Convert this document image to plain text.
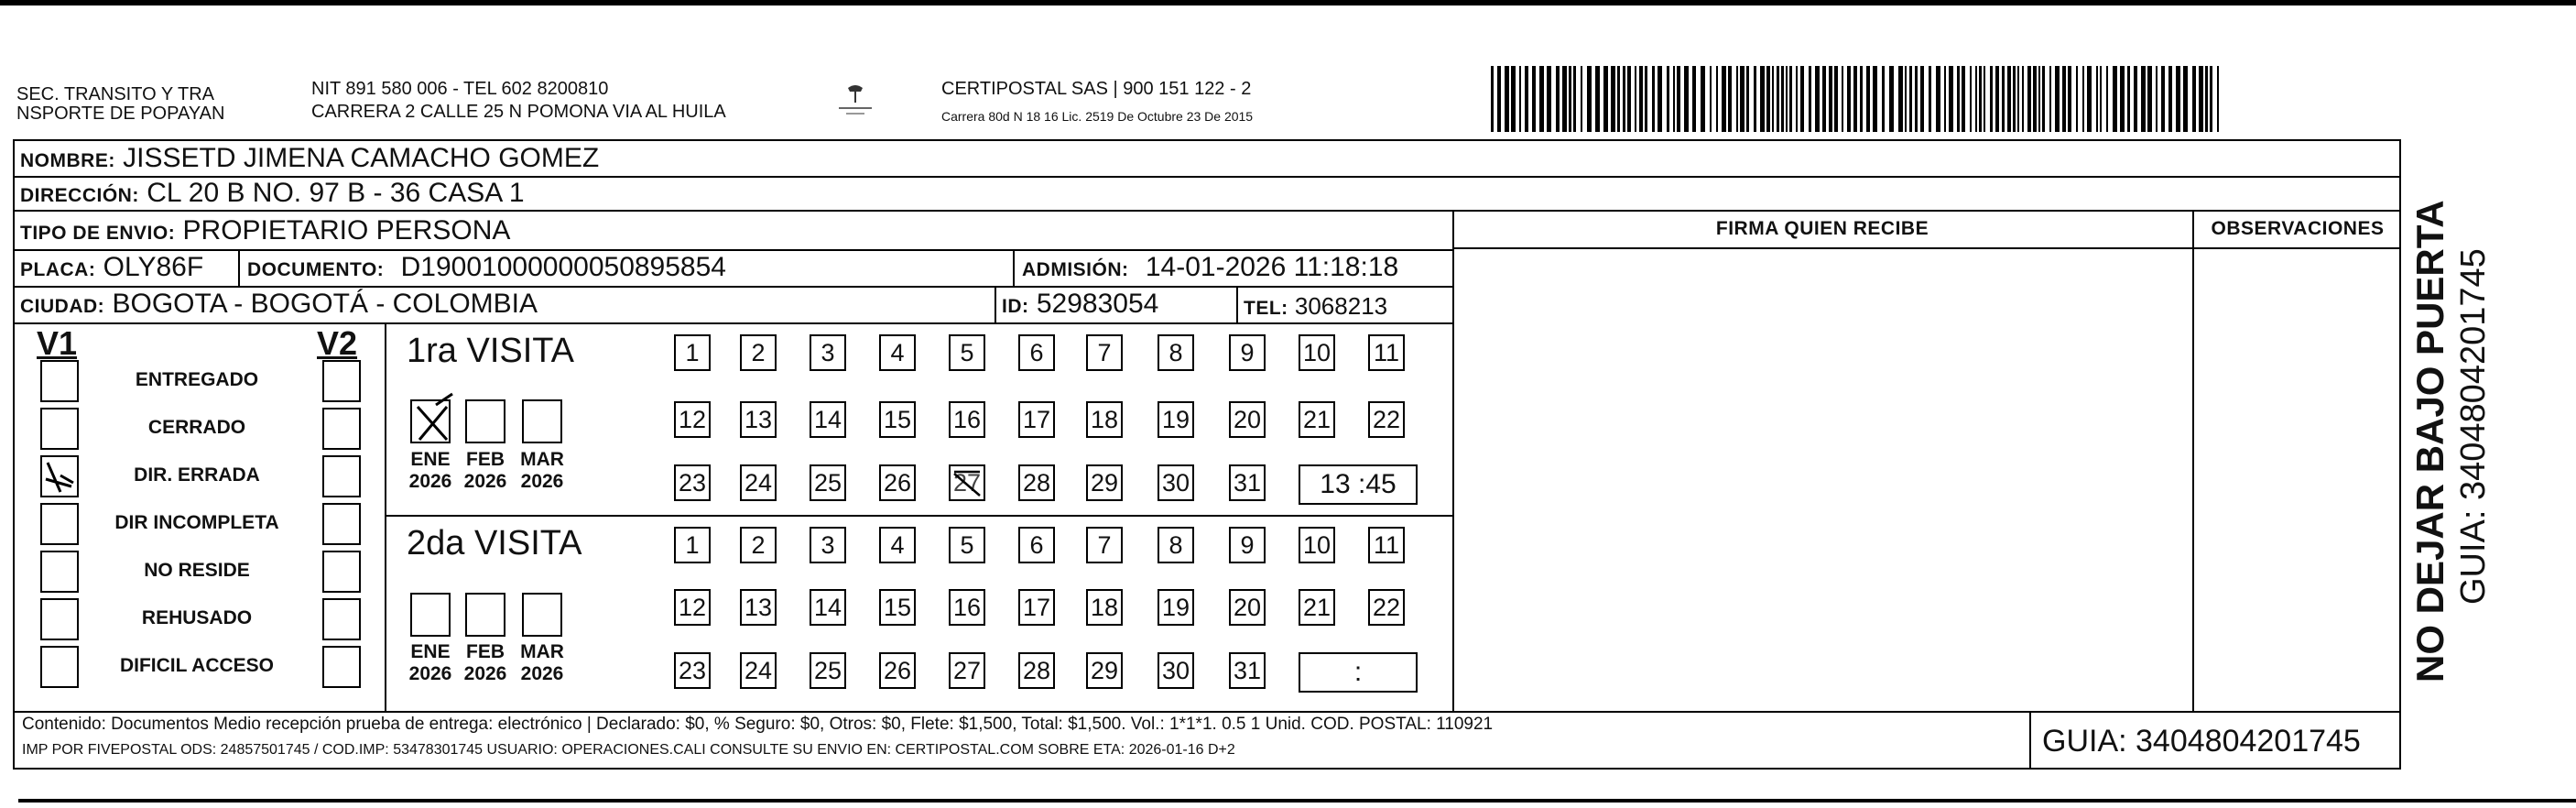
SEC. TRANSITO Y TRA
NSPORTE DE POPAYAN
NIT 891 580 006 - TEL 602 8200810
CARRERA 2 CALLE 25 N POMONA VIA AL HUILA
CERTIPOSTAL SAS | 900 151 122 - 2
Carrera 80d N 18 16 Lic. 2519 De Octubre 23 De 2015
NOMBRE: JISSETD JIMENA CAMACHO GOMEZ
DIRECCIÓN: CL 20 B NO. 97 B - 36 CASA 1
TIPO DE ENVIO: PROPIETARIO PERSONA
PLACA: OLY86F DOCUMENTO: D19001000000050895854	ADMISIÓN: 14-01-2026 11:18:18
CIUDAD: BOGOTA - BOGOTÁ - COLOMBIA	ID: 52983054	TEL: 3068213
FIRMA QUIEN RECIBE	OBSERVACIONES
V1	V2
ENTREGADO
CERRADO
DIR. ERRADA
DIR INCOMPLETA
NO RESIDE
REHUSADO
DIFICIL ACCESO
1ra VISITA
2da VISITA
1	2	3	4	5	6	7	8	9	10 11
12 13 14 15 16 17 18 19 20 21 22
23 24 25 26 27 28 29 30 31	13 :45
1	2	3	4	5	6	7	8	9	10 11
12 13 14 15 16 17 18 19 20 21 22
23 24 25 26 27 28 29 30 31	:
ENE
2026
FEB
2026
MAR
2026
ENE
2026
FEB
2026
MAR
2026
Contenido: Documentos Medio recepción prueba de entrega: electrónico | Declarado: $0, % Seguro: $0, Otros: $0, Flete: $1,500, Total: $1,500. Vol.: 1*1*1. 0.5 1 Unid. COD. POSTAL: 110921
IMP POR FIVEPOSTAL ODS: 24857501745 / COD.IMP: 53478301745 USUARIO: OPERACIONES.CALI CONSULTE SU ENVIO EN: CERTIPOSTAL.COM SOBRE ETA: 2026-01-16 D+2	GUIA: 3404804201745
NO DEJAR BAJO PUERTA GUIA: 3404804201745
